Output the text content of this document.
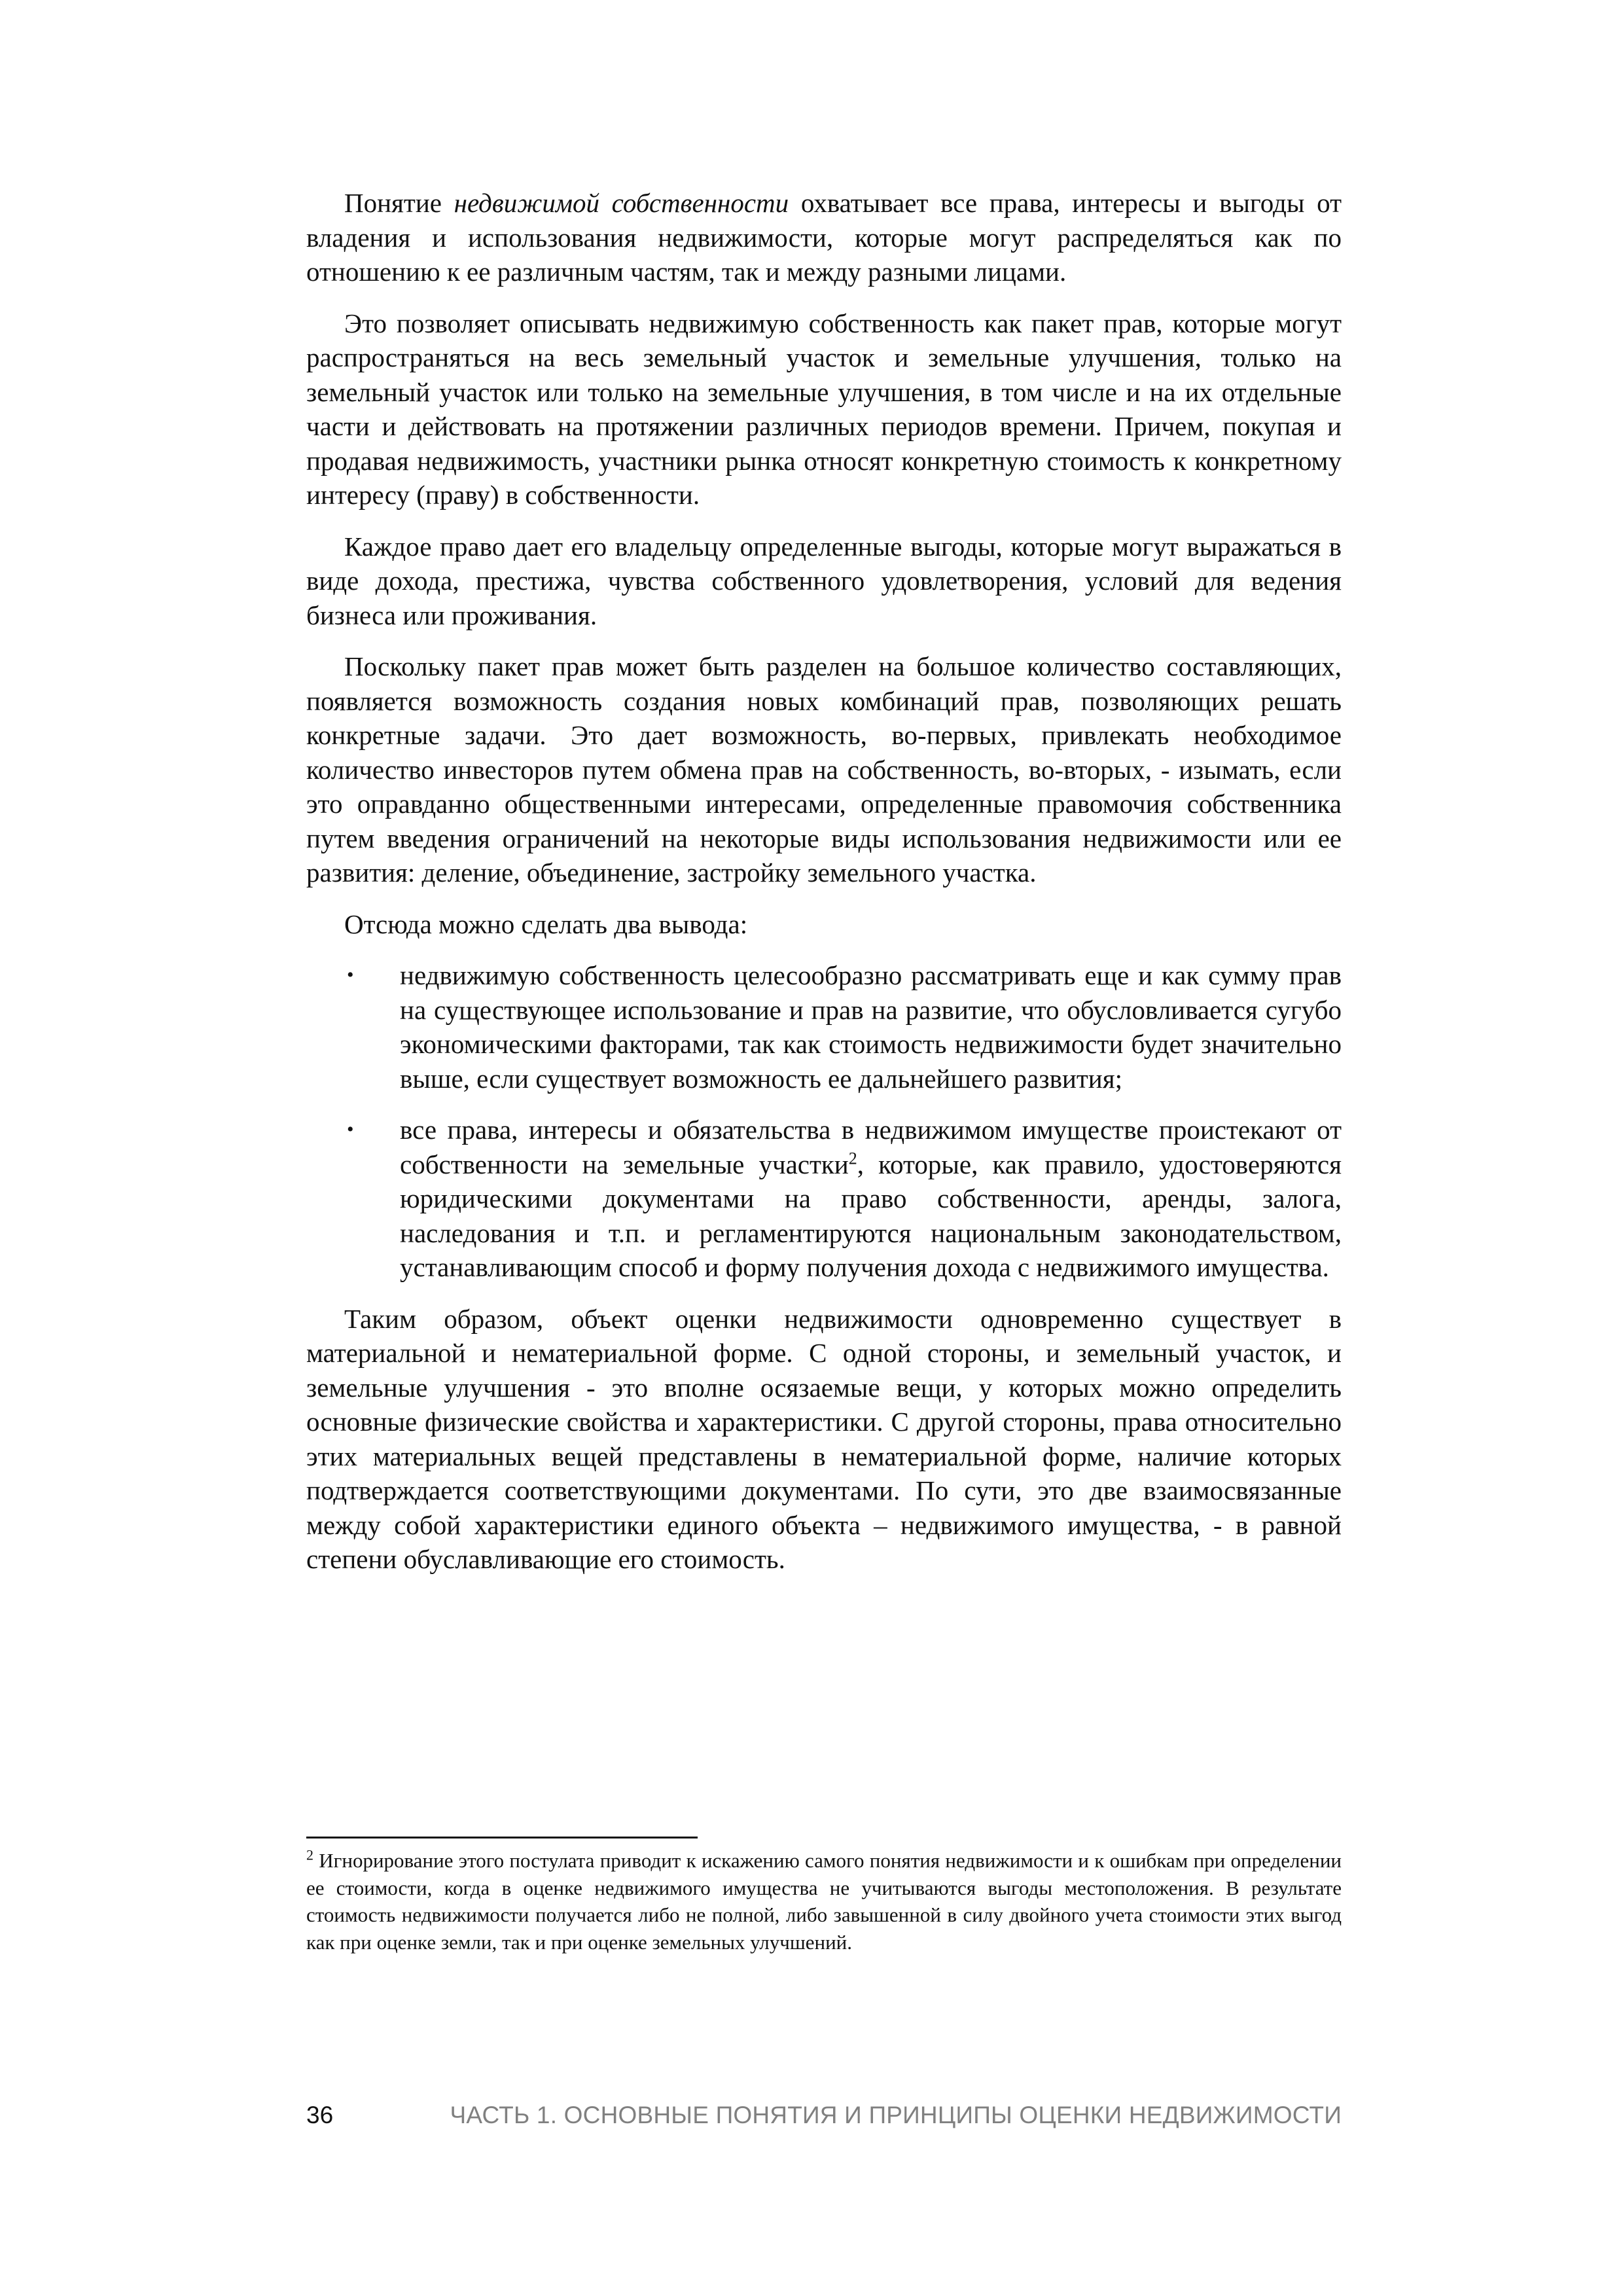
Понятие недвижимой собственности охватывает все права, интересы и выгоды от владения и использования недвижимости, которые могут распределяться как по отношению к ее различным частям, так и между разными лицами.

Это позволяет описывать недвижимую собственность как пакет прав, которые могут распространяться на весь земельный участок и земельные улучшения, только на земельный участок или только на земельные улучшения, в том числе и на их отдельные части и действовать на протяжении различных периодов времени. Причем, покупая и продавая недвижимость, участники рынка относят конкретную стоимость к конкретному интересу (праву) в собственности.

Каждое право дает его владельцу определенные выгоды, которые могут выражаться в виде дохода, престижа, чувства собственного удовлетворения, условий для ведения бизнеса или проживания.

Поскольку пакет прав может быть разделен на большое количество составляющих, появляется возможность создания новых комбинаций прав, позволяющих решать конкретные задачи. Это дает возможность, во-первых, привлекать необходимое количество инвесторов путем обмена прав на собственность, во-вторых, - изымать, если это оправданно общественными интересами, определенные правомочия собственника путем введения ограничений на некоторые виды использования недвижимости или ее развития: деление, объединение, застройку земельного участка.

Отсюда можно сделать два вывода:

• недвижимую собственность целесообразно рассматривать еще и как сумму прав на существующее использование и прав на развитие, что обусловливается сугубо экономическими факторами, так как стоимость недвижимости будет значительно выше, если существует возможность ее дальнейшего развития;
• все права, интересы и обязательства в недвижимом имуществе проистекают от собственности на земельные участки$^2$, которые, как правило, удостоверяются юридическими документами на право собственности, аренды, залога, наследования и т.п. и регламентируются национальным законодательством, устанавливающим способ и форму получения дохода с недвижимого имущества.

Таким образом, объект оценки недвижимости одновременно существует в материальной и нематериальной форме. С одной стороны, и земельный участок, и земельные улучшения - это вполне осязаемые вещи, у которых можно определить основные физические свойства и характеристики. С другой стороны, права относительно этих материальных вещей представлены в нематериальной форме, наличие которых подтверждается соответствующими документами. По сути, это две взаимосвязанные между собой характеристики единого объекта – недвижимого имущества, - в равной степени обуславливающие его стоимость.

$^2$ Игнорирование этого постулата приводит к искажению самого понятия недвижимости и к ошибкам при определении ее стоимости, когда в оценке недвижимого имущества не учитываются выгоды местоположения. В результате стоимость недвижимости получается либо не полной, либо завышенной в силу двойного учета стоимости этих выгод как при оценке земли, так и при оценке земельных улучшений.
36	ЧАСТЬ 1. ОСНОВНЫЕ ПОНЯТИЯ И ПРИНЦИПЫ ОЦЕНКИ НЕДВИЖИМОСТИ
